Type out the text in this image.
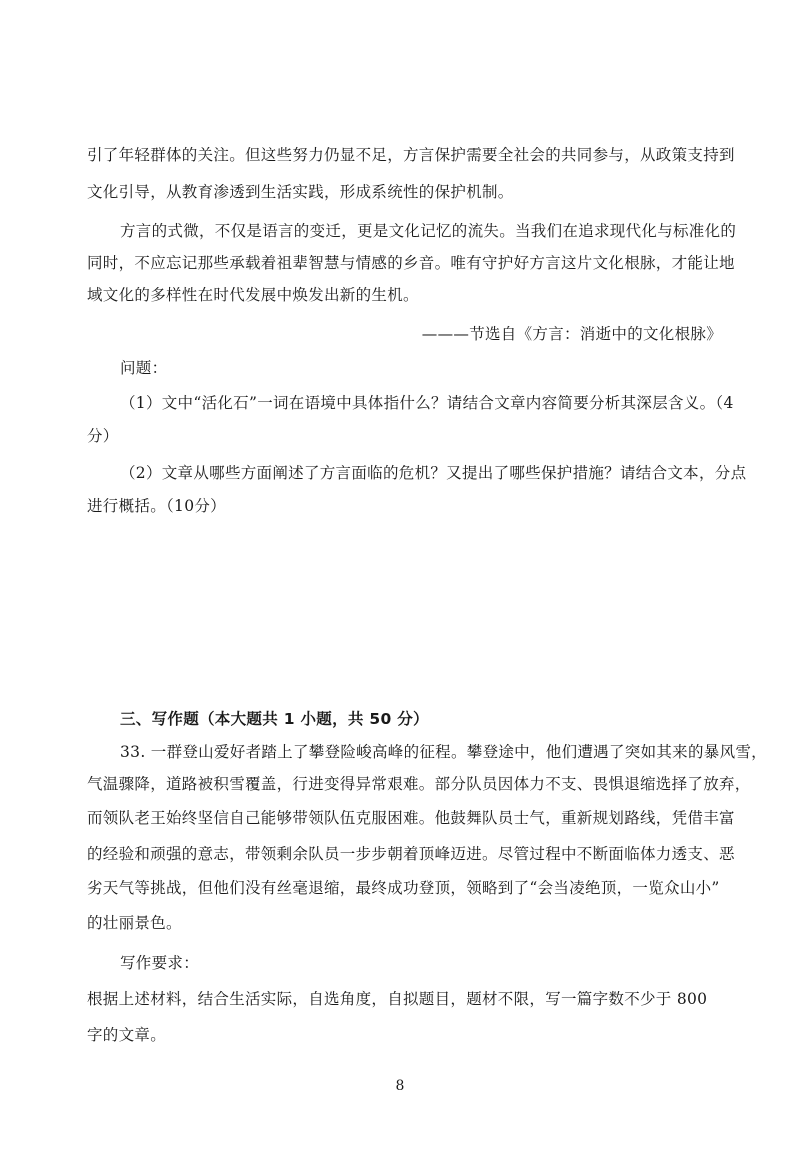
引了年轻群体的关注。但这些努力仍显不足，方言保护需要全社会的共同参与，从政策支持到
文化引导，从教育渗透到生活实践，形成系统性的保护机制。
方言的式微，不仅是语言的变迁，更是文化记忆的流失。当我们在追求现代化与标准化的
同时，不应忘记那些承载着祖辈智慧与情感的乡音。唯有守护好方言这片文化根脉，才能让地
域文化的多样性在时代发展中焕发出新的生机。
———节选自《方言：消逝中的文化根脉》
问题：
（1）文中“活化石”一词在语境中具体指什么？请结合文章内容简要分析其深层含义。（4
分）
（2）文章从哪些方面阐述了方言面临的危机？又提出了哪些保护措施？请结合文本，分点
进行概括。（10分）
三、写作题（本大题共 1 小题，共 50 分）
33. 一群登山爱好者踏上了攀登险峻高峰的征程。攀登途中，他们遭遇了突如其来的暴风雪，
气温骤降，道路被积雪覆盖，行进变得异常艰难。部分队员因体力不支、畏惧退缩选择了放弃，
而领队老王始终坚信自己能够带领队伍克服困难。他鼓舞队员士气，重新规划路线，凭借丰富
的经验和顽强的意志，带领剩余队员一步步朝着顶峰迈进。尽管过程中不断面临体力透支、恶
劣天气等挑战，但他们没有丝毫退缩，最终成功登顶，领略到了“会当凌绝顶，一览众山小”
的壮丽景色。
写作要求：
根据上述材料，结合生活实际，自选角度，自拟题目，题材不限，写一篇字数不少于 800
字的文章。
8
